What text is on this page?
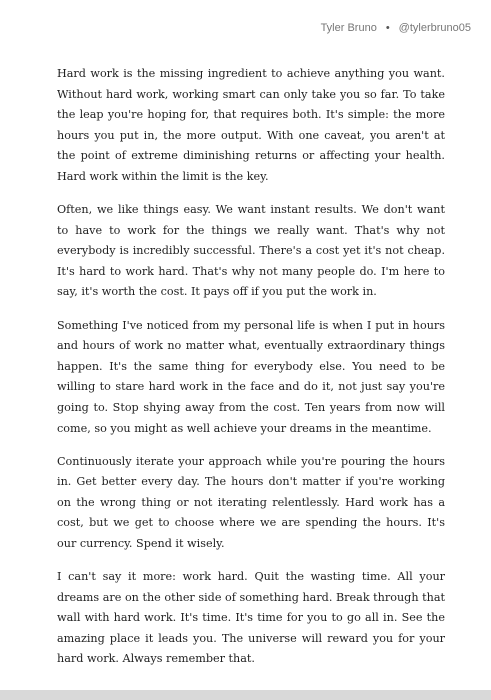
Tyler Bruno • @tylerbruno05

Hard work is the missing ingredient to achieve anything you want. Without hard work, working smart can only take you so far. To take the leap you're hoping for, that requires both. It's simple: the more hours you put in, the more output. With one caveat, you aren't at the point of extreme diminishing returns or affecting your health. Hard work within the limit is the key.

Often, we like things easy. We want instant results. We don't want to have to work for the things we really want. That's why not everybody is incredibly successful. There's a cost yet it's not cheap. It's hard to work hard. That's why not many people do. I'm here to say, it's worth the cost. It pays off if you put the work in.

Something I've noticed from my personal life is when I put in hours and hours of work no matter what, eventually extraordinary things happen. It's the same thing for everybody else. You need to be willing to stare hard work in the face and do it, not just say you're going to. Stop shying away from the cost. Ten years from now will come, so you might as well achieve your dreams in the meantime.

Continuously iterate your approach while you're pouring the hours in. Get better every day. The hours don't matter if you're working on the wrong thing or not iterating relentlessly. Hard work has a cost, but we get to choose where we are spending the hours. It's our currency. Spend it wisely.

I can't say it more: work hard. Quit the wasting time. All your dreams are on the other side of something hard. Break through that wall with hard work. It's time. It's time for you to go all in. See the amazing place it leads you. The universe will reward you for your hard work. Always remember that.
